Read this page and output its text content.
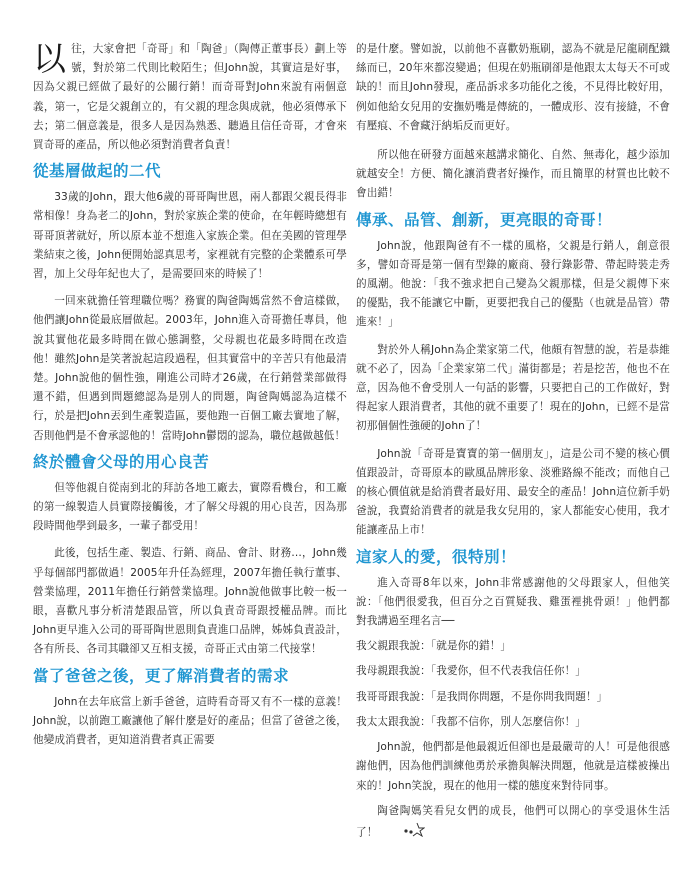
以往，大家會把「奇哥」和「陶爸」（陶傳正董事長）劃上等號，對於第二代則比較陌生；但John說，其實這是好事，因為父親已經做了最好的公關行銷！而奇哥對John來說有兩個意義，第一，它是父親創立的，有父親的理念與成就，他必須傳承下去；第二個意義是，很多人是因為熟悉、聽過且信任奇哥，才會來買奇哥的產品，所以他必須對消費者負責！

從基層做起的二代

33歲的John，跟大他6歲的哥哥陶世恩，兩人都跟父親長得非常相像！身為老二的John，對於家族企業的使命，在年輕時總想有哥哥頂著就好，所以原本並不想進入家族企業。但在美國的管理學業結束之後，John便開始認真思考，家裡就有完整的企業體系可學習，加上父母年紀也大了，是需要回來的時候了！

一回來就擔任管理職位嗎？務實的陶爸陶媽當然不會這樣做，他們讓John從最底層做起。2003年，John進入奇哥擔任專員，他說其實他花最多時間在做心態調整，父母親也花最多時間在改造他！雖然John是笑著說起這段過程，但其實當中的辛苦只有他最清楚。John說他的個性強，剛進公司時才26歲，在行銷營業部做得還不錯，但遇到問題總認為是別人的問題，陶爸陶媽認為這樣不行，於是把John丟到生產製造區，要他跑一百個工廠去實地了解，否則他們是不會承認他的！當時John鬱悶的認為，職位越做越低！

終於體會父母的用心良苦

但等他親自從南到北的拜訪各地工廠去，實際看機台，和工廠的第一線製造人員實際接觸後，才了解父母親的用心良苦，因為那段時間他學到最多，一輩子都受用！

此後，包括生產、製造、行銷、商品、會計、財務…，John幾乎每個部門都做過！2005年升任為經理，2007年擔任執行董事、營業協理，2011年擔任行銷營業協理。John說他做事比較一板一眼，喜歡凡事分析清楚跟品管，所以負責奇哥跟授權品牌。而比John更早進入公司的哥哥陶世恩則負責進口品牌，姊姊負責設計，各有所長、各司其職卻又互相支援，奇哥正式由第二代接掌！

當了爸爸之後，更了解消費者的需求

John在去年底當上新手爸爸，這時看奇哥又有不一樣的意義！John說，以前跑工廠讓他了解什麼是好的產品；但當了爸爸之後，他變成消費者，更知道消費者真正需要

的是什麼。譬如說，以前他不喜歡奶瓶刷，認為不就是尼龍刷配鐵絲而已，20年來都沒變過；但現在奶瓶刷卻是他跟太太每天不可或缺的！而且John發現，產品訴求多功能化之後，不見得比較好用，例如他給女兒用的安撫奶嘴是傳統的，一體成形、沒有接縫，不會有壓痕、不會藏汙納垢反而更好。

所以他在研發方面越來越講求簡化、自然、無毒化，越少添加就越安全！方便、簡化讓消費者好操作，而且簡單的材質也比較不會出錯！

傳承、品管、創新，更亮眼的奇哥！

John說，他跟陶爸有不一樣的風格，父親是行銷人，創意很多，譬如奇哥是第一個有型錄的廠商、發行錄影帶、帶起時裝走秀的風潮。他說：「我不強求把自己變為父親那樣，但是父親傳下來的優點，我不能讓它中斷，更要把我自己的優點（也就是品管）帶進來！」

對於外人稱John為企業家第二代，他頗有智慧的說，若是恭維就不必了，因為「企業家第二代」滿街都是；若是挖苦，他也不在意，因為他不會受別人一句話的影響，只要把自己的工作做好，對得起家人跟消費者，其他的就不重要了！現在的John，已經不是當初那個個性強硬的John了！

John說「奇哥是寶寶的第一個朋友」，這是公司不變的核心價值跟設計，奇哥原本的歐風品牌形象、淡雅路線不能改；而他自己的核心價值就是給消費者最好用、最安全的產品！John這位新手奶爸說，我賣給消費者的就是我女兒用的，家人都能安心使用，我才能讓產品上市！

這家人的愛，很特別！

進入奇哥8年以來，John非常感謝他的父母跟家人，但他笑說：「他們很愛我，但百分之百質疑我、雞蛋裡挑骨頭！」他們都對我講過至理名言──

我父親跟我說：「就是你的錯！」

我母親跟我說：「我愛你，但不代表我信任你！」

我哥哥跟我說：「是我問你問題，不是你問我問題！」

我太太跟我說：「我都不信你，別人怎麼信你！」

John說，他們都是他最親近但卻也是最嚴苛的人！可是他很感謝他們，因為他們訓練他勇於承擔與解決問題，他就是這樣被操出來的！John笑說，現在的他用一樣的態度來對待同事。

陶爸陶媽笑看兒女們的成長，他們可以開心的享受退休生活了！
